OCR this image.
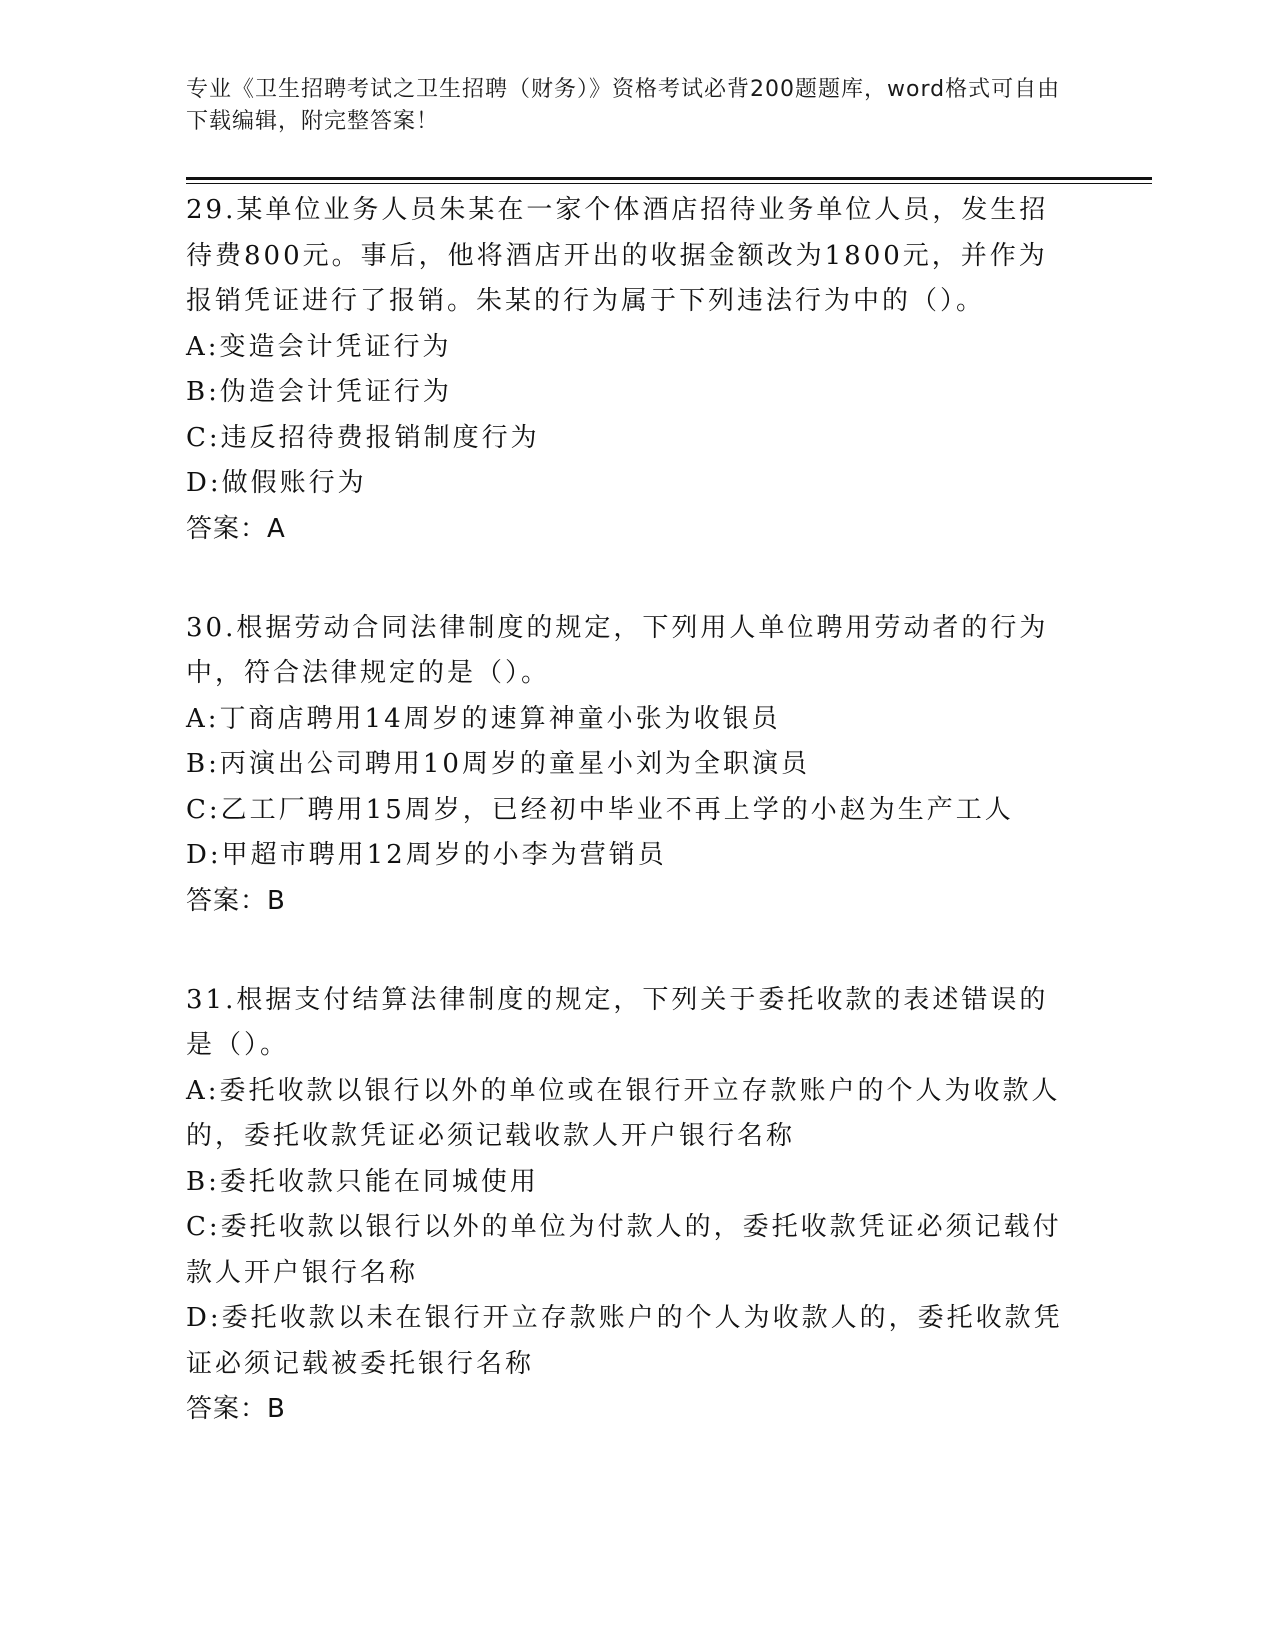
专业《卫生招聘考试之卫生招聘（财务）》资格考试必背200题题库，word格式可自由下载编辑，附完整答案！
29.某单位业务人员朱某在一家个体酒店招待业务单位人员，发生招待费800元。事后，他将酒店开出的收据金额改为1800元，并作为报销凭证进行了报销。朱某的行为属于下列违法行为中的（）。
A:变造会计凭证行为
B:伪造会计凭证行为
C:违反招待费报销制度行为
D:做假账行为
答案：A
30.根据劳动合同法律制度的规定，下列用人单位聘用劳动者的行为中，符合法律规定的是（）。
A:丁商店聘用14周岁的速算神童小张为收银员
B:丙演出公司聘用10周岁的童星小刘为全职演员
C:乙工厂聘用15周岁，已经初中毕业不再上学的小赵为生产工人
D:甲超市聘用12周岁的小李为营销员
答案：B
31.根据支付结算法律制度的规定，下列关于委托收款的表述错误的是（）。
A:委托收款以银行以外的单位或在银行开立存款账户的个人为收款人的，委托收款凭证必须记载收款人开户银行名称
B:委托收款只能在同城使用
C:委托收款以银行以外的单位为付款人的，委托收款凭证必须记载付款人开户银行名称
D:委托收款以未在银行开立存款账户的个人为收款人的，委托收款凭证必须记载被委托银行名称
答案：B
